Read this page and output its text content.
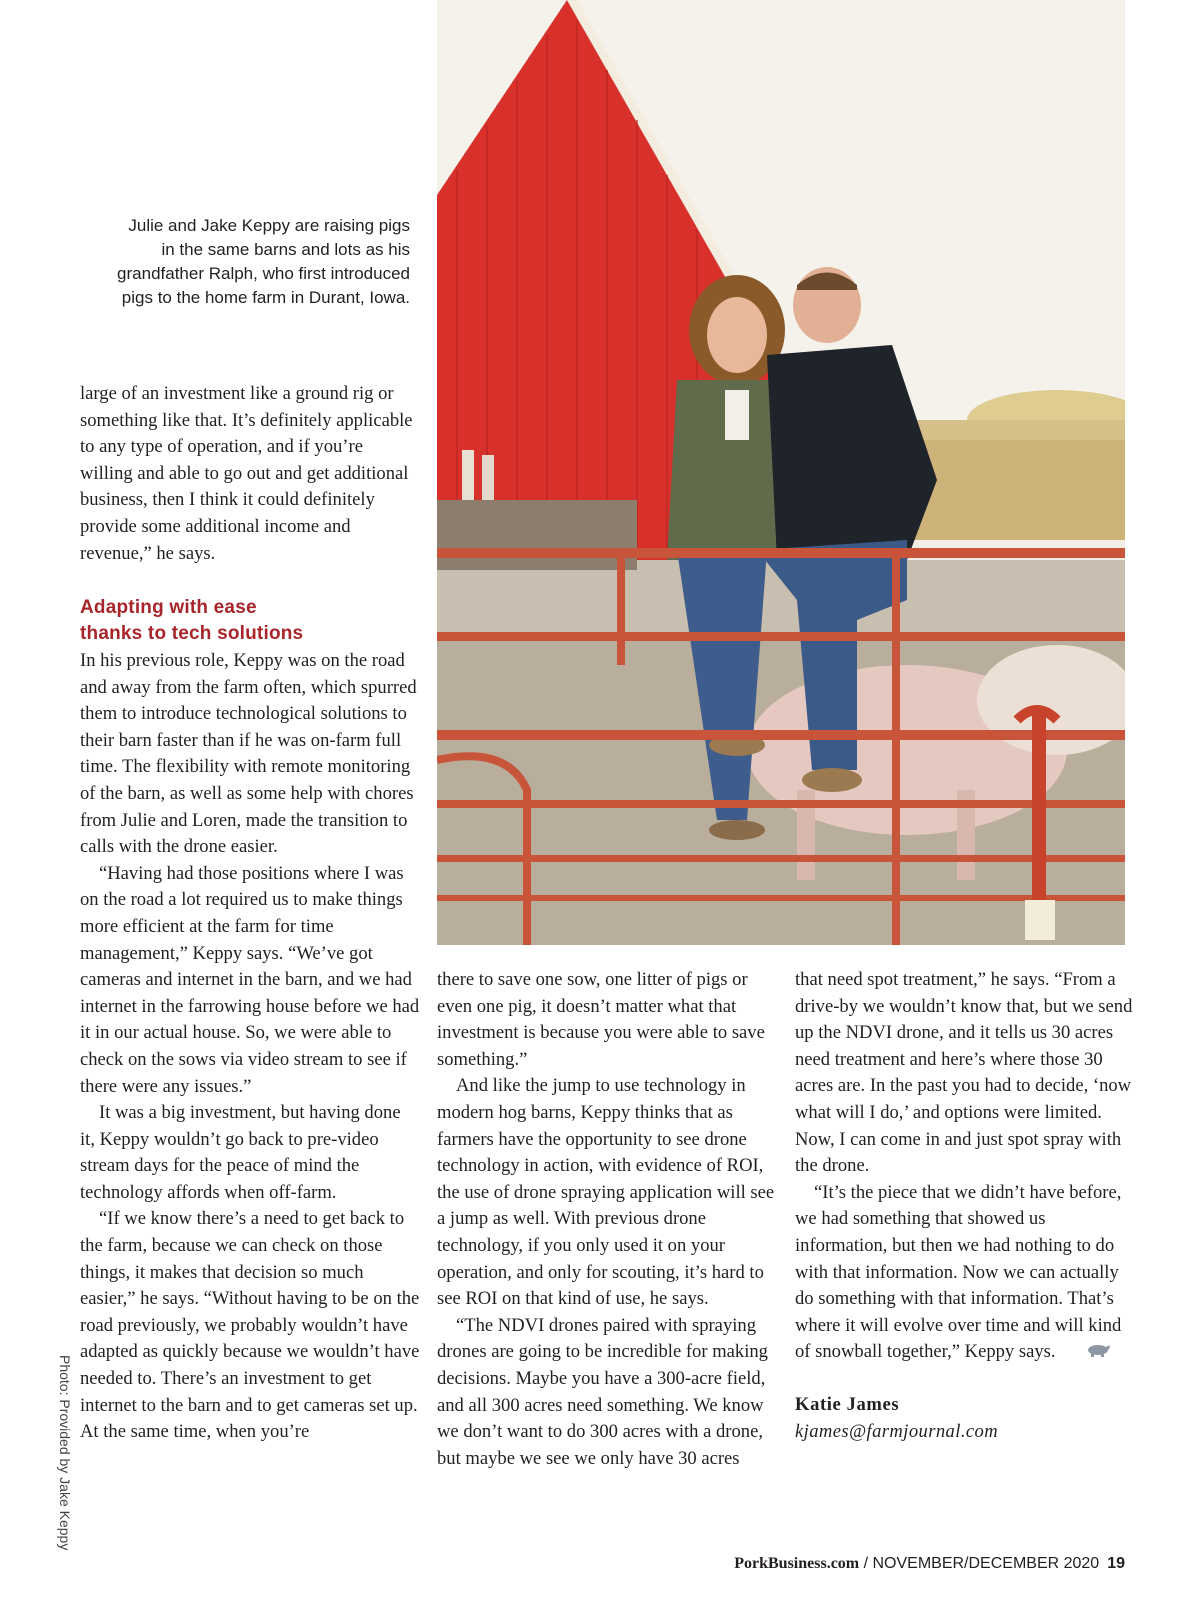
Julie and Jake Keppy are raising pigs
in the same barns and lots as his
grandfather Ralph, who first introduced
pigs to the home farm in Durant, Iowa.

large of an investment like a ground rig or something like that. It’s definitely applicable to any type of operation, and if you’re willing and able to go out and get additional business, then I think it could definitely provide some additional income and revenue,” he says.

Adapting with ease
thanks to tech solutions

In his previous role, Keppy was on the road and away from the farm often, which spurred them to introduce technological solutions to their barn faster than if he was on-farm full time. The flexibility with remote monitoring of the barn, as well as some help with chores from Julie and Loren, made the transition to calls with the drone easier.

“Having had those positions where I was on the road a lot required us to make things more efficient at the farm for time management,” Keppy says. “We’ve got cameras and internet in the barn, and we had internet in the farrowing house before we had it in our actual house. So, we were able to check on the sows via video stream to see if there were any issues.”

It was a big investment, but having done it, Keppy wouldn’t go back to pre-video stream days for the peace of mind the technology affords when off-farm.

“If we know there’s a need to get back to the farm, because we can check on those things, it makes that decision so much easier,” he says. “Without having to be on the road previously, we probably wouldn’t have adapted as quickly because we wouldn’t have needed to. There’s an investment to get internet to the barn and to get cameras set up. At the same time, when you’re

there to save one sow, one litter of pigs or even one pig, it doesn’t matter what that investment is because you were able to save something.”

And like the jump to use technology in modern hog barns, Keppy thinks that as farmers have the opportunity to see drone technology in action, with evidence of ROI, the use of drone spraying application will see a jump as well. With previous drone technology, if you only used it on your operation, and only for scouting, it’s hard to see ROI on that kind of use, he says.

“The NDVI drones paired with spraying drones are going to be incredible for making decisions. Maybe you have a 300-acre field, and all 300 acres need something. We know we don’t want to do 300 acres with a drone, but maybe we see we only have 30 acres

that need spot treatment,” he says. “From a drive-by we wouldn’t know that, but we send up the NDVI drone, and it tells us 30 acres need treatment and here’s where those 30 acres are. In the past you had to decide, ‘now what will I do,’ and options were limited. Now, I can come in and just spot spray with the drone.

“It’s the piece that we didn’t have before, we had something that showed us information, but then we had nothing to do with that information. Now we can actually do something with that information. That’s where it will evolve over time and will kind of snowball together,” Keppy says.

Katie James

kjames@farmjournal.com

Photo: Provided by Jake Keppy
PorkBusiness.com / NOVEMBER/DECEMBER 2020 19
